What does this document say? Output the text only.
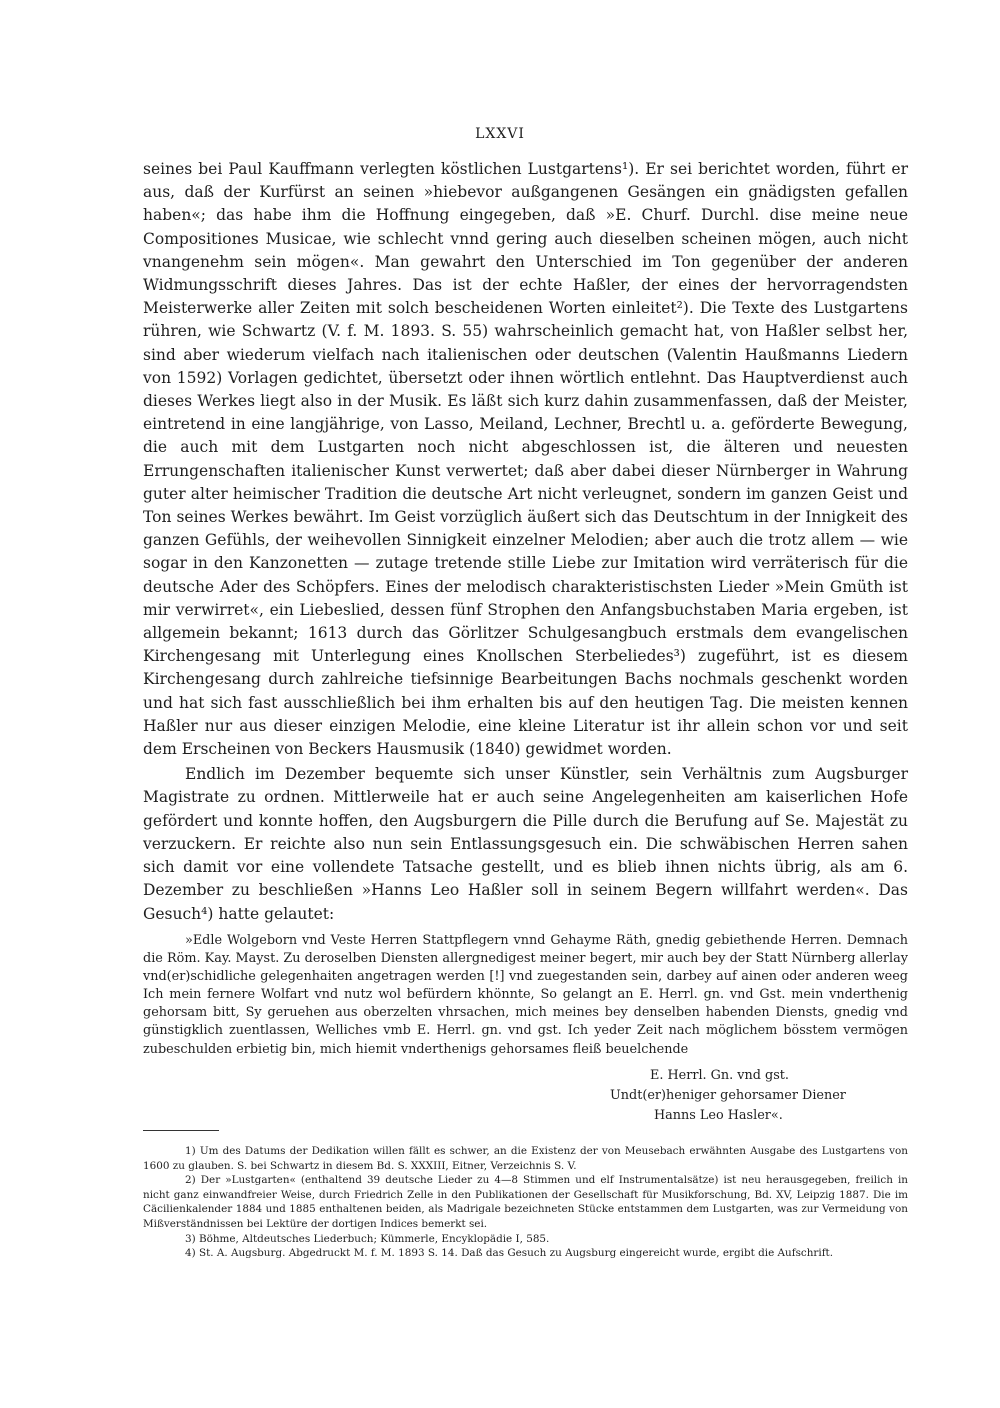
LXXVI

seines bei Paul Kauffmann verlegten köstlichen Lustgartens¹). Er sei berichtet worden, führt er aus, daß der Kurfürst an seinen »hiebevor außgangenen Gesängen ein gnädigsten gefallen haben«; das habe ihm die Hoffnung eingegeben, daß »E. Churf. Durchl. dise meine neue Compositiones Musicae, wie schlecht vnnd gering auch dieselben scheinen mögen, auch nicht vnangenehm sein mögen«. Man gewahrt den Unterschied im Ton gegenüber der anderen Widmungsschrift dieses Jahres. Das ist der echte Haßler, der eines der hervorragendsten Meisterwerke aller Zeiten mit solch bescheidenen Worten einleitet²). Die Texte des Lustgartens rühren, wie Schwartz (V. f. M. 1893. S. 55) wahrscheinlich gemacht hat, von Haßler selbst her, sind aber wiederum vielfach nach italienischen oder deutschen (Valentin Haußmanns Liedern von 1592) Vorlagen gedichtet, übersetzt oder ihnen wörtlich entlehnt. Das Hauptverdienst auch dieses Werkes liegt also in der Musik. Es läßt sich kurz dahin zusammenfassen, daß der Meister, eintretend in eine langjährige, von Lasso, Meiland, Lechner, Brechtl u. a. geförderte Bewegung, die auch mit dem Lustgarten noch nicht abgeschlossen ist, die älteren und neuesten Errungenschaften italienischer Kunst verwertet; daß aber dabei dieser Nürnberger in Wahrung guter alter heimischer Tradition die deutsche Art nicht verleugnet, sondern im ganzen Geist und Ton seines Werkes bewährt. Im Geist vorzüglich äußert sich das Deutschtum in der Innigkeit des ganzen Gefühls, der weihevollen Sinnigkeit einzelner Melodien; aber auch die trotz allem — wie sogar in den Kanzonetten — zutage tretende stille Liebe zur Imitation wird verräterisch für die deutsche Ader des Schöpfers. Eines der melodisch charakteristischsten Lieder »Mein Gmüth ist mir verwirret«, ein Liebeslied, dessen fünf Strophen den Anfangsbuchstaben Maria ergeben, ist allgemein bekannt; 1613 durch das Görlitzer Schulgesangbuch erstmals dem evangelischen Kirchengesang mit Unterlegung eines Knollschen Sterbeliedes³) zugeführt, ist es diesem Kirchengesang durch zahlreiche tiefsinnige Bearbeitungen Bachs nochmals geschenkt worden und hat sich fast ausschließlich bei ihm erhalten bis auf den heutigen Tag. Die meisten kennen Haßler nur aus dieser einzigen Melodie, eine kleine Literatur ist ihr allein schon vor und seit dem Erscheinen von Beckers Hausmusik (1840) gewidmet worden.

Endlich im Dezember bequemte sich unser Künstler, sein Verhältnis zum Augsburger Magistrate zu ordnen. Mittlerweile hat er auch seine Angelegenheiten am kaiserlichen Hofe gefördert und konnte hoffen, den Augsburgern die Pille durch die Berufung auf Se. Majestät zu verzuckern. Er reichte also nun sein Entlassungsgesuch ein. Die schwäbischen Herren sahen sich damit vor eine vollendete Tatsache gestellt, und es blieb ihnen nichts übrig, als am 6. Dezember zu beschließen »Hanns Leo Haßler soll in seinem Begern willfahrt werden«. Das Gesuch⁴) hatte gelautet:

»Edle Wolgeborn vnd Veste Herren Stattpflegern vnnd Gehayme Räth, gnedig gebiethende Herren. Demnach die Röm. Kay. Mayst. Zu deroselben Diensten allergnedigest meiner begert, mir auch bey der Statt Nürnberg allerlay vnd(er)schidliche gelegenhaiten angetragen werden [!] vnd zuegestanden sein, darbey auf ainen oder anderen weeg Ich mein fernere Wolfart vnd nutz wol befürdern khönnte, So gelangt an E. Herrl. gn. vnd Gst. mein vnderthenig gehorsam bitt, Sy geruehen aus oberzelten vhrsachen, mich meines bey denselben habenden Diensts, gnedig vnd günstigklich zuentlassen, Welliches vmb E. Herrl. gn. vnd gst. Ich yeder Zeit nach möglichem bösstem vermögen zubeschulden erbietig bin, mich hiemit vnderthenigs gehorsames fleiß beuelchende

E. Herrl. Gn. vnd gst.
Undt(er)heniger gehorsamer Diener
Hanns Leo Hasler«.

1) Um des Datums der Dedikation willen fällt es schwer, an die Existenz der von Meusebach erwähnten Ausgabe des Lustgartens von 1600 zu glauben. S. bei Schwartz in diesem Bd. S. XXXIII, Eitner, Verzeichnis S. V.

2) Der »Lustgarten« (enthaltend 39 deutsche Lieder zu 4—8 Stimmen und elf Instrumentalsätze) ist neu herausgegeben, freilich in nicht ganz einwandfreier Weise, durch Friedrich Zelle in den Publikationen der Gesellschaft für Musikforschung, Bd. XV, Leipzig 1887. Die im Cäcilienkalender 1884 und 1885 enthaltenen beiden, als Madrigale bezeichneten Stücke entstammen dem Lustgarten, was zur Vermeidung von Mißverständnissen bei Lektüre der dortigen Indices bemerkt sei.

3) Böhme, Altdeutsches Liederbuch; Kümmerle, Encyklopädie I, 585.

4) St. A. Augsburg. Abgedruckt M. f. M. 1893 S. 14. Daß das Gesuch zu Augsburg eingereicht wurde, ergibt die Aufschrift.
